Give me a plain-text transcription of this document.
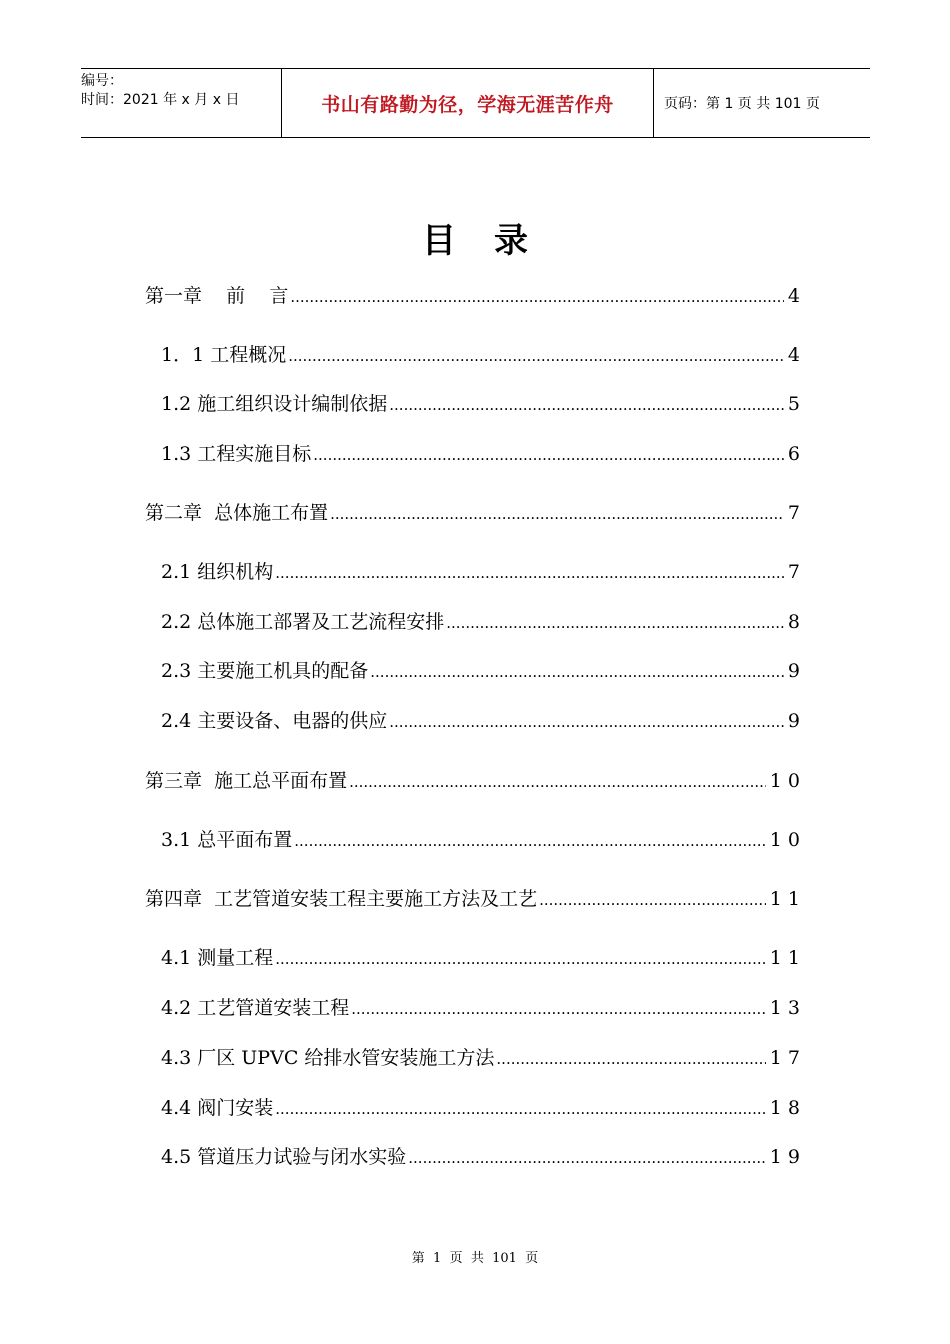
编号：
时间：2021 年 x 月 x 日	书山有路勤为径，学海无涯苦作舟	页码：第 1 页 共 101 页
目录
第一章    前    言 .....	4
1．1 工程概况 .....	4
1.2 施工组织设计编制依据 .....	5
1.3 工程实施目标 .....	6
第二章  总体施工布置 .....	7
2.1 组织机构 .....	7
2.2 总体施工部署及工艺流程安排 .....	8
2.3 主要施工机具的配备 .....	9
2.4 主要设备、电器的供应 .....	9
第三章  施工总平面布置 .....	1 0
3.1 总平面布置 .....	1 0
第四章  工艺管道安装工程主要施工方法及工艺 .....	1 1
4.1 测量工程 .....	1 1
4.2 工艺管道安装工程 .....	1 3
4.3 厂区 UPVC 给排水管安装施工方法 .....	1 7
4.4 阀门安装 .....	1 8
4.5 管道压力试验与闭水实验 .....	1 9
第  1  页  共  101  页
